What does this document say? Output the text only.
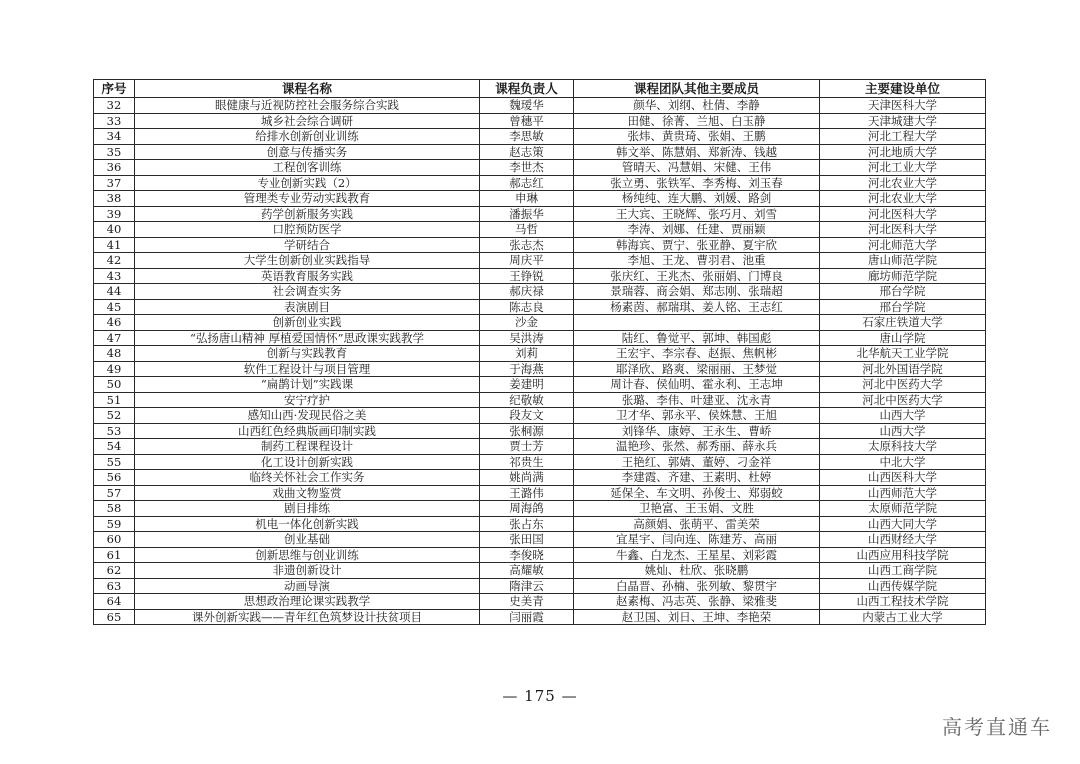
序号	课程名称	课程负责人	课程团队其他主要成员	主要建设单位
32	眼健康与近视防控社会服务综合实践	魏瑷华	颜华、刘纲、杜倩、李静	天津医科大学
33	城乡社会综合调研	曾穗平	田健、徐菁、兰旭、白玉静	天津城建大学
34	给排水创新创业训练	李思敏	张炜、黄贵琦、张娟、王鹏	河北工程大学
35	创意与传播实务	赵志策	韩文举、陈慧娟、郑新涛、钱越	河北地质大学
36	工程创客训练	李世杰	管晴天、冯慧娟、宋健、王伟	河北工业大学
37	专业创新实践（2）	郝志红	张立勇、张铁军、李秀梅、刘玉春	河北农业大学
38	管理类专业劳动实践教育	申琳	杨纯纯、连大鹏、刘媛、路剑	河北农业大学
39	药学创新服务实践	潘振华	王大宾、王晓辉、张巧月、刘雪	河北医科大学
40	口腔预防医学	马哲	李涛、刘娜、任建、贾丽颖	河北医科大学
41	学研结合	张志杰	韩海宾、贾宁、张亚静、夏宇欣	河北师范大学
42	大学生创新创业实践指导	周庆平	李旭、王龙、曹羽君、池重	唐山师范学院
43	英语教育服务实践	王铮锐	张庆红、王兆杰、张丽娟、门博良	廊坊师范学院
44	社会调查实务	郝庆禄	景瑞蓉、商会娟、郑志刚、张瑞超	邢台学院
45	表演剧目	陈志良	杨素茵、郝瑞琪、姜人铭、王志红	邢台学院
46	创新创业实践	沙金		石家庄铁道大学
47	“弘扬唐山精神 厚植爱国情怀”思政课实践教学	吴洪涛	陆红、鲁觉平、郭坤、韩国彪	唐山学院
48	创新与实践教育	刘莉	王宏宇、李宗春、赵振、焦帆彬	北华航天工业学院
49	软件工程设计与项目管理	于海燕	耶泽欣、路爽、梁丽丽、王梦觉	河北外国语学院
50	“扁鹊计划”实践课	姜建明	周计春、侯仙明、霍永利、王志坤	河北中医药大学
51	安宁疗护	纪敬敏	张璐、李伟、叶建亚、沈永青	河北中医药大学
52	感知山西·发现民俗之美	段友文	卫才华、郭永平、侯姝慧、王旭	山西大学
53	山西红色经典版画印制实践	张桐源	刘锋华、康婷、王永生、曹峤	山西大学
54	制药工程课程设计	贾士芳	温艳珍、张然、郝秀丽、薛永兵	太原科技大学
55	化工设计创新实践	祁贵生	王艳红、郭婧、董婷、刁金祥	中北大学
56	临终关怀社会工作实务	姚尚满	李建霞、齐建、王素明、杜婷	山西医科大学
57	戏曲文物鉴赏	王潞伟	延保全、车文明、孙俊士、郑弱蛟	山西师范大学
58	剧目排练	周海鸽	卫艳富、王玉娟、文胜	太原师范学院
59	机电一体化创新实践	张占东	高颜娟、张萌平、雷美荣	山西大同大学
60	创业基础	张田国	宜星宇、闫向连、陈建芳、高丽	山西财经大学
61	创新思维与创业训练	李俊晓	牛鑫、白龙杰、王星星、刘彩霞	山西应用科技学院
62	非遗创新设计	高耀敏	姚灿、杜欣、张晓鹏	山西工商学院
63	动画导演	隋津云	白晶晋、孙楠、张列敏、黎贯宇	山西传媒学院
64	思想政治理论课实践教学	史美青	赵素梅、冯志英、张静、梁雅斐	山西工程技术学院
65	课外创新实践——青年红色筑梦设计扶贫项目	闫丽霞	赵卫国、刘日、王坤、李艳荣	内蒙古工业大学
— 175 —
高考直通车
